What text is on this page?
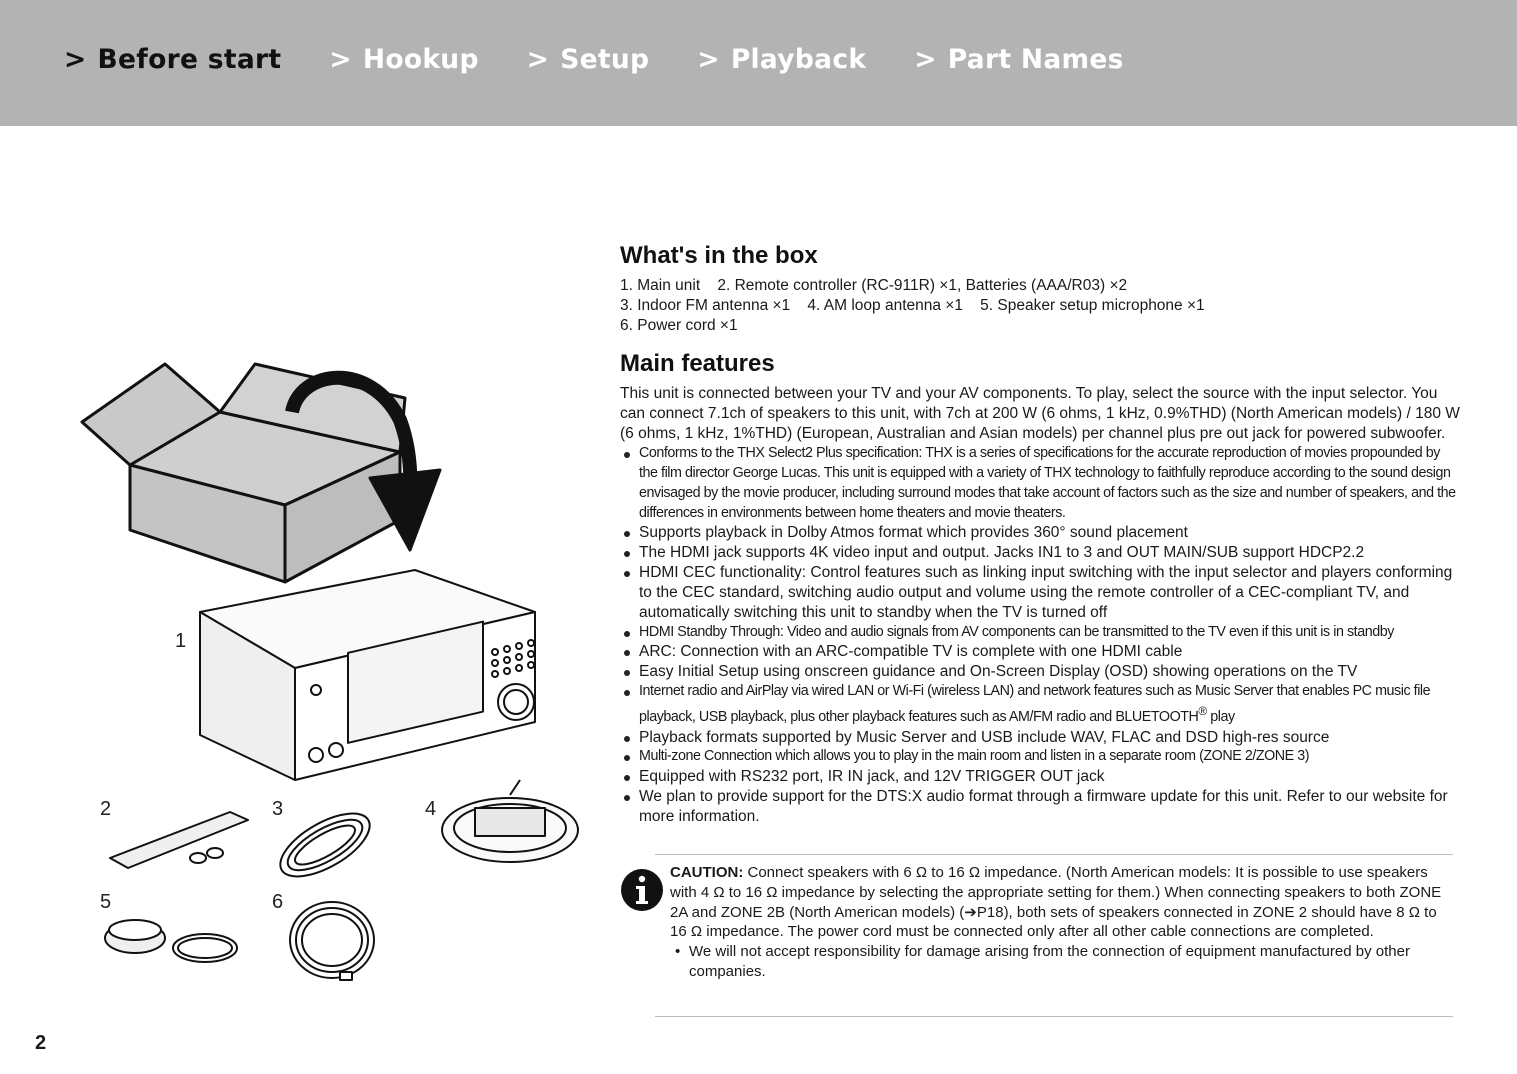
> Before start > Hookup > Setup > Playback > Part Names
1
2	3	4
5	6
What's in the box

1. Main unit    2. Remote controller (RC-911R) ×1, Batteries (AAA/R03) ×2

3. Indoor FM antenna ×1    4. AM loop antenna ×1    5. Speaker setup microphone ×1

6. Power cord ×1

Main features

This unit is connected between your TV and your AV components. To play, select the source with the input selector. You can connect 7.1ch of speakers to this unit, with 7ch at 200 W (6 ohms, 1 kHz, 0.9%THD) (North American models) / 180 W (6 ohms, 1 kHz, 1%THD) (European, Australian and Asian models) per channel plus pre out jack for powered subwoofer.

Conforms to the THX Select2 Plus specification: THX is a series of specifications for the accurate reproduction of movies propounded by the film director George Lucas. This unit is equipped with a variety of THX technology to faithfully reproduce according to the sound design envisaged by the movie producer, including surround modes that take account of factors such as the size and number of speakers, and the differences in environments between home theaters and movie theaters.
Supports playback in Dolby Atmos format which provides 360° sound placement
The HDMI jack supports 4K video input and output. Jacks IN1 to 3 and OUT MAIN/SUB support HDCP2.2
HDMI CEC functionality: Control features such as linking input switching with the input selector and players conforming to the CEC standard, switching audio output and volume using the remote controller of a CEC-compliant TV, and automatically switching this unit to standby when the TV is turned off
HDMI Standby Through: Video and audio signals from AV components can be transmitted to the TV even if this unit is in standby
ARC: Connection with an ARC-compatible TV is complete with one HDMI cable
Easy Initial Setup using onscreen guidance and On-Screen Display (OSD) showing operations on the TV
Internet radio and AirPlay via wired LAN or Wi-Fi (wireless LAN) and network features such as Music Server that enables PC music file playback, USB playback, plus other playback features such as AM/FM radio and BLUETOOTH® play
Playback formats supported by Music Server and USB include WAV, FLAC and DSD high-res source
Multi-zone Connection which allows you to play in the main room and listen in a separate room (ZONE 2/ZONE 3)
Equipped with RS232 port, IR IN jack, and 12V TRIGGER OUT jack
We plan to provide support for the DTS:X audio format through a firmware update for this unit. Refer to our website for more information.
CAUTION: Connect speakers with 6 Ω to 16 Ω impedance. (North American models: It is possible to use speakers with 4 Ω to 16 Ω impedance by selecting the appropriate setting for them.) When connecting speakers to both ZONE 2A and ZONE 2B (North American models) (➔P18), both sets of speakers connected in ZONE 2 should have 8 Ω to 16 Ω impedance. The power cord must be connected only after all other cable connections are completed.
• We will not accept responsibility for damage arising from the connection of equipment manufactured by other companies.
2
